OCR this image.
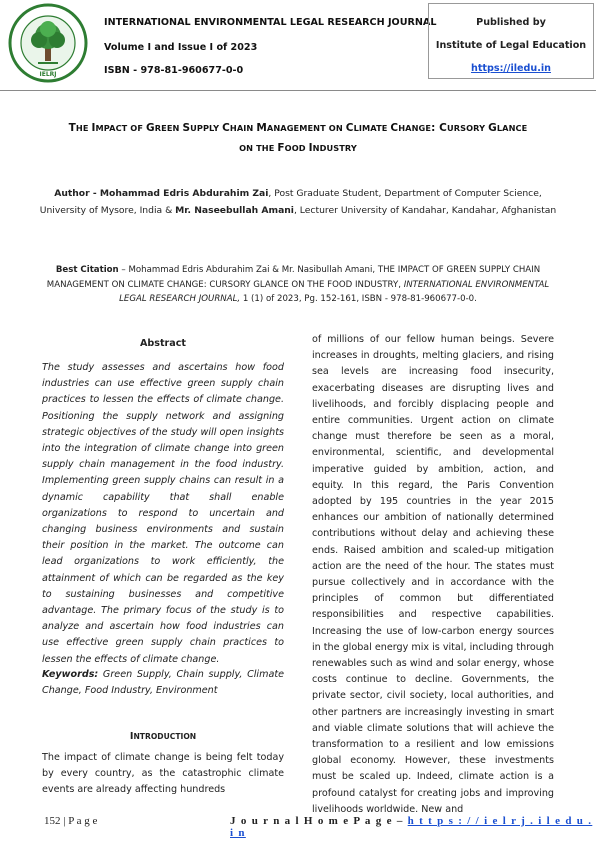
IELRJ
INTERNATIONAL ENVIRONMENTAL LEGAL RESEARCH JOURNAL
Volume I and Issue I of 2023
ISBN - 978-81-960677-0-0
Published by
Institute of Legal Education
https://iledu.in
THE IMPACT OF GREEN SUPPLY CHAIN MANAGEMENT ON CLIMATE CHANGE: CURSORY GLANCE
ON THE FOOD INDUSTRY
Author - Mohammad Edris Abdurahim Zai, Post Graduate Student, Department of Computer Science, University of Mysore, India & Mr. Naseebullah Amani, Lecturer University of Kandahar, Kandahar, Afghanistan
Best Citation – Mohammad Edris Abdurahim Zai & Mr. Nasibullah Amani, THE IMPACT OF GREEN SUPPLY CHAIN MANAGEMENT ON CLIMATE CHANGE: CURSORY GLANCE ON THE FOOD INDUSTRY, INTERNATIONAL ENVIRONMENTAL LEGAL RESEARCH JOURNAL, 1 (1) of 2023, Pg. 152-161, ISBN - 978-81-960677-0-0.
Abstract
The study assesses and ascertains how food industries can use effective green supply chain practices to lessen the effects of climate change. Positioning the supply network and assigning strategic objectives of the study will open insights into the integration of climate change into green supply chain management in the food industry. Implementing green supply chains can result in a dynamic capability that shall enable organizations to respond to uncertain and changing business environments and sustain their position in the market. The outcome can lead organizations to work efficiently, the attainment of which can be regarded as the key to sustaining businesses and competitive advantage. The primary focus of the study is to analyze and ascertain how food industries can use effective green supply chain practices to lessen the effects of climate change.
Keywords: Green Supply, Chain supply, Climate Change, Food Industry, Environment
INTRODUCTION
The impact of climate change is being felt today by every country, as the catastrophic climate events are already affecting hundreds
of millions of our fellow human beings. Severe increases in droughts, melting glaciers, and rising sea levels are increasing food insecurity, exacerbating diseases are disrupting lives and livelihoods, and forcibly displacing people and entire communities. Urgent action on climate change must therefore be seen as a moral, environmental, scientific, and developmental imperative guided by ambition, action, and equity. In this regard, the Paris Convention adopted by 195 countries in the year 2015 enhances our ambition of nationally determined contributions without delay and achieving these ends. Raised ambition and scaled-up mitigation action are the need of the hour. The states must pursue collectively and in accordance with the principles of common but differentiated responsibilities and respective capabilities. Increasing the use of low-carbon energy sources in the global energy mix is vital, including through renewables such as wind and solar energy, whose costs continue to decline. Governments, the private sector, civil society, local authorities, and other partners are increasingly investing in smart and viable climate solutions that will achieve the transformation to a resilient and low emissions global economy. However, these investments must be scaled up. Indeed, climate action is a profound catalyst for creating jobs and improving livelihoods worldwide. New and
152 | P a g e	J o u r n a l H o m e P a g e – h t t p s : / / i e l r j . i l e d u . i n
